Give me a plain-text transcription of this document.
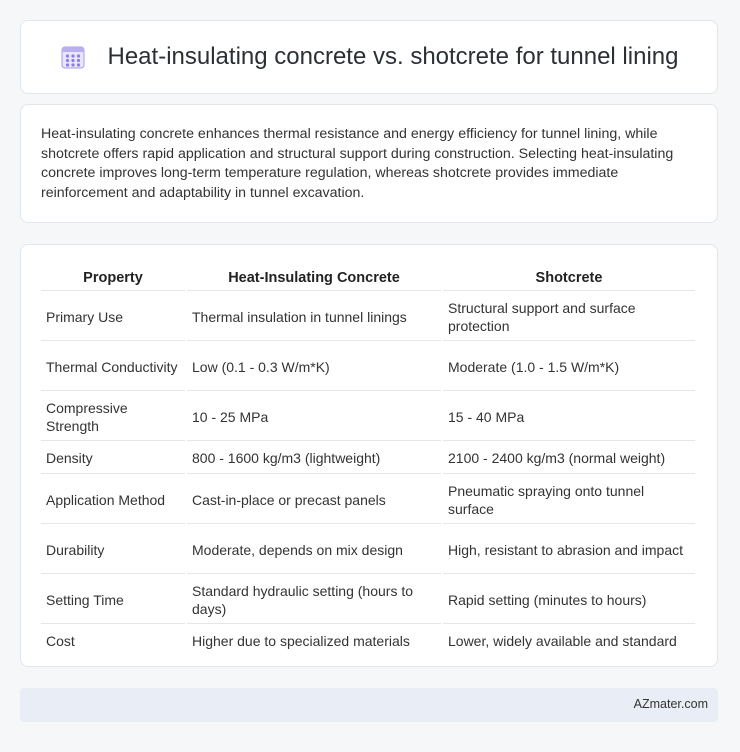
Heat-insulating concrete vs. shotcrete for tunnel lining

Heat-insulating concrete enhances thermal resistance and energy efficiency for tunnel lining, while shotcrete offers rapid application and structural support during construction. Selecting heat-insulating concrete improves long-term temperature regulation, whereas shotcrete provides immediate reinforcement and adaptability in tunnel excavation.

Property	Heat-Insulating Concrete	Shotcrete
Primary Use	Thermal insulation in tunnel linings	Structural support and surface protection
Thermal Conductivity	Low (0.1 - 0.3 W/m*K)	Moderate (1.0 - 1.5 W/m*K)
Compressive Strength	10 - 25 MPa	15 - 40 MPa
Density	800 - 1600 kg/m3 (lightweight)	2100 - 2400 kg/m3 (normal weight)
Application Method	Cast-in-place or precast panels	Pneumatic spraying onto tunnel surface
Durability	Moderate, depends on mix design	High, resistant to abrasion and impact
Setting Time	Standard hydraulic setting (hours to days)	Rapid setting (minutes to hours)
Cost	Higher due to specialized materials	Lower, widely available and standard
AZmater.com
